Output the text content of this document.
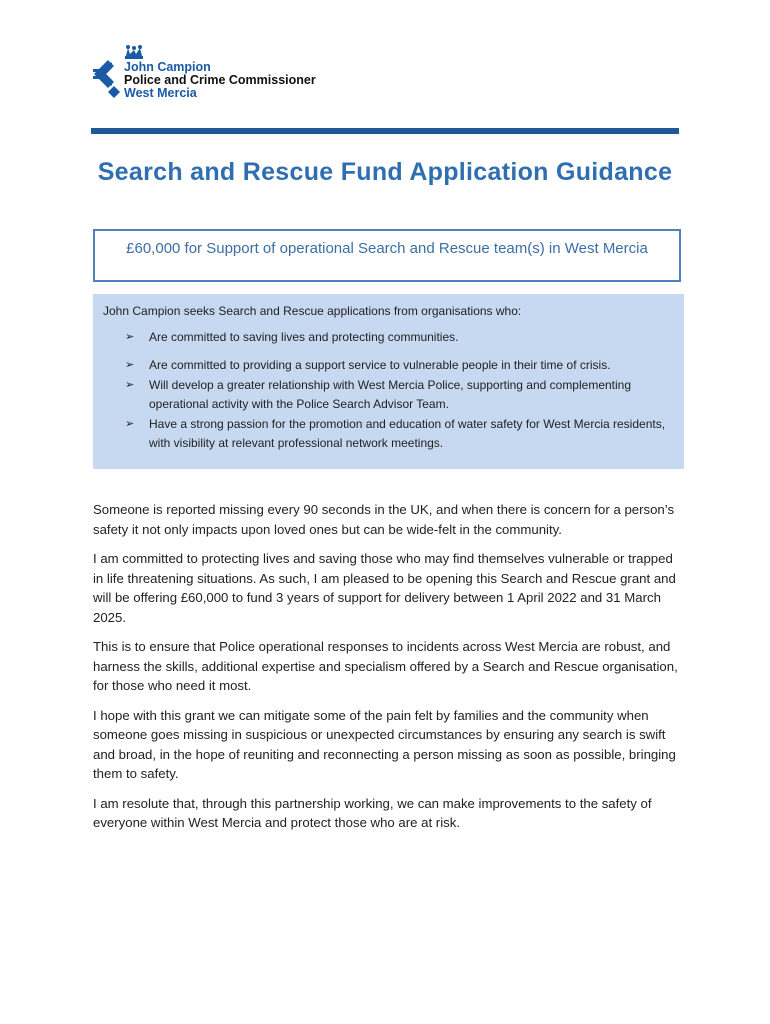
John Campion
Police and Crime Commissioner
West Mercia
Search and Rescue Fund Application Guidance
£60,000 for Support of operational Search and Rescue team(s) in West Mercia

John Campion seeks Search and Rescue applications from organisations who:

➢ Are committed to saving lives and protecting communities.
➢ Are committed to providing a support service to vulnerable people in their time of crisis.
➢ Will develop a greater relationship with West Mercia Police, supporting and complementing operational activity with the Police Search Advisor Team.
➢ Have a strong passion for the promotion and education of water safety for West Mercia residents, with visibility at relevant professional network meetings.

Someone is reported missing every 90 seconds in the UK, and when there is concern for a person’s safety it not only impacts upon loved ones but can be wide-felt in the community.

I am committed to protecting lives and saving those who may find themselves vulnerable or trapped in life threatening situations. As such, I am pleased to be opening this Search and Rescue grant and will be offering £60,000 to fund 3 years of support for delivery between 1 April 2022 and 31 March 2025.

This is to ensure that Police operational responses to incidents across West Mercia are robust, and harness the skills, additional expertise and specialism offered by a Search and Rescue organisation, for those who need it most.

I hope with this grant we can mitigate some of the pain felt by families and the community when someone goes missing in suspicious or unexpected circumstances by ensuring any search is swift and broad, in the hope of reuniting and reconnecting a person missing as soon as possible, bringing them to safety.

I am resolute that, through this partnership working, we can make improvements to the safety of everyone within West Mercia and protect those who are at risk.
